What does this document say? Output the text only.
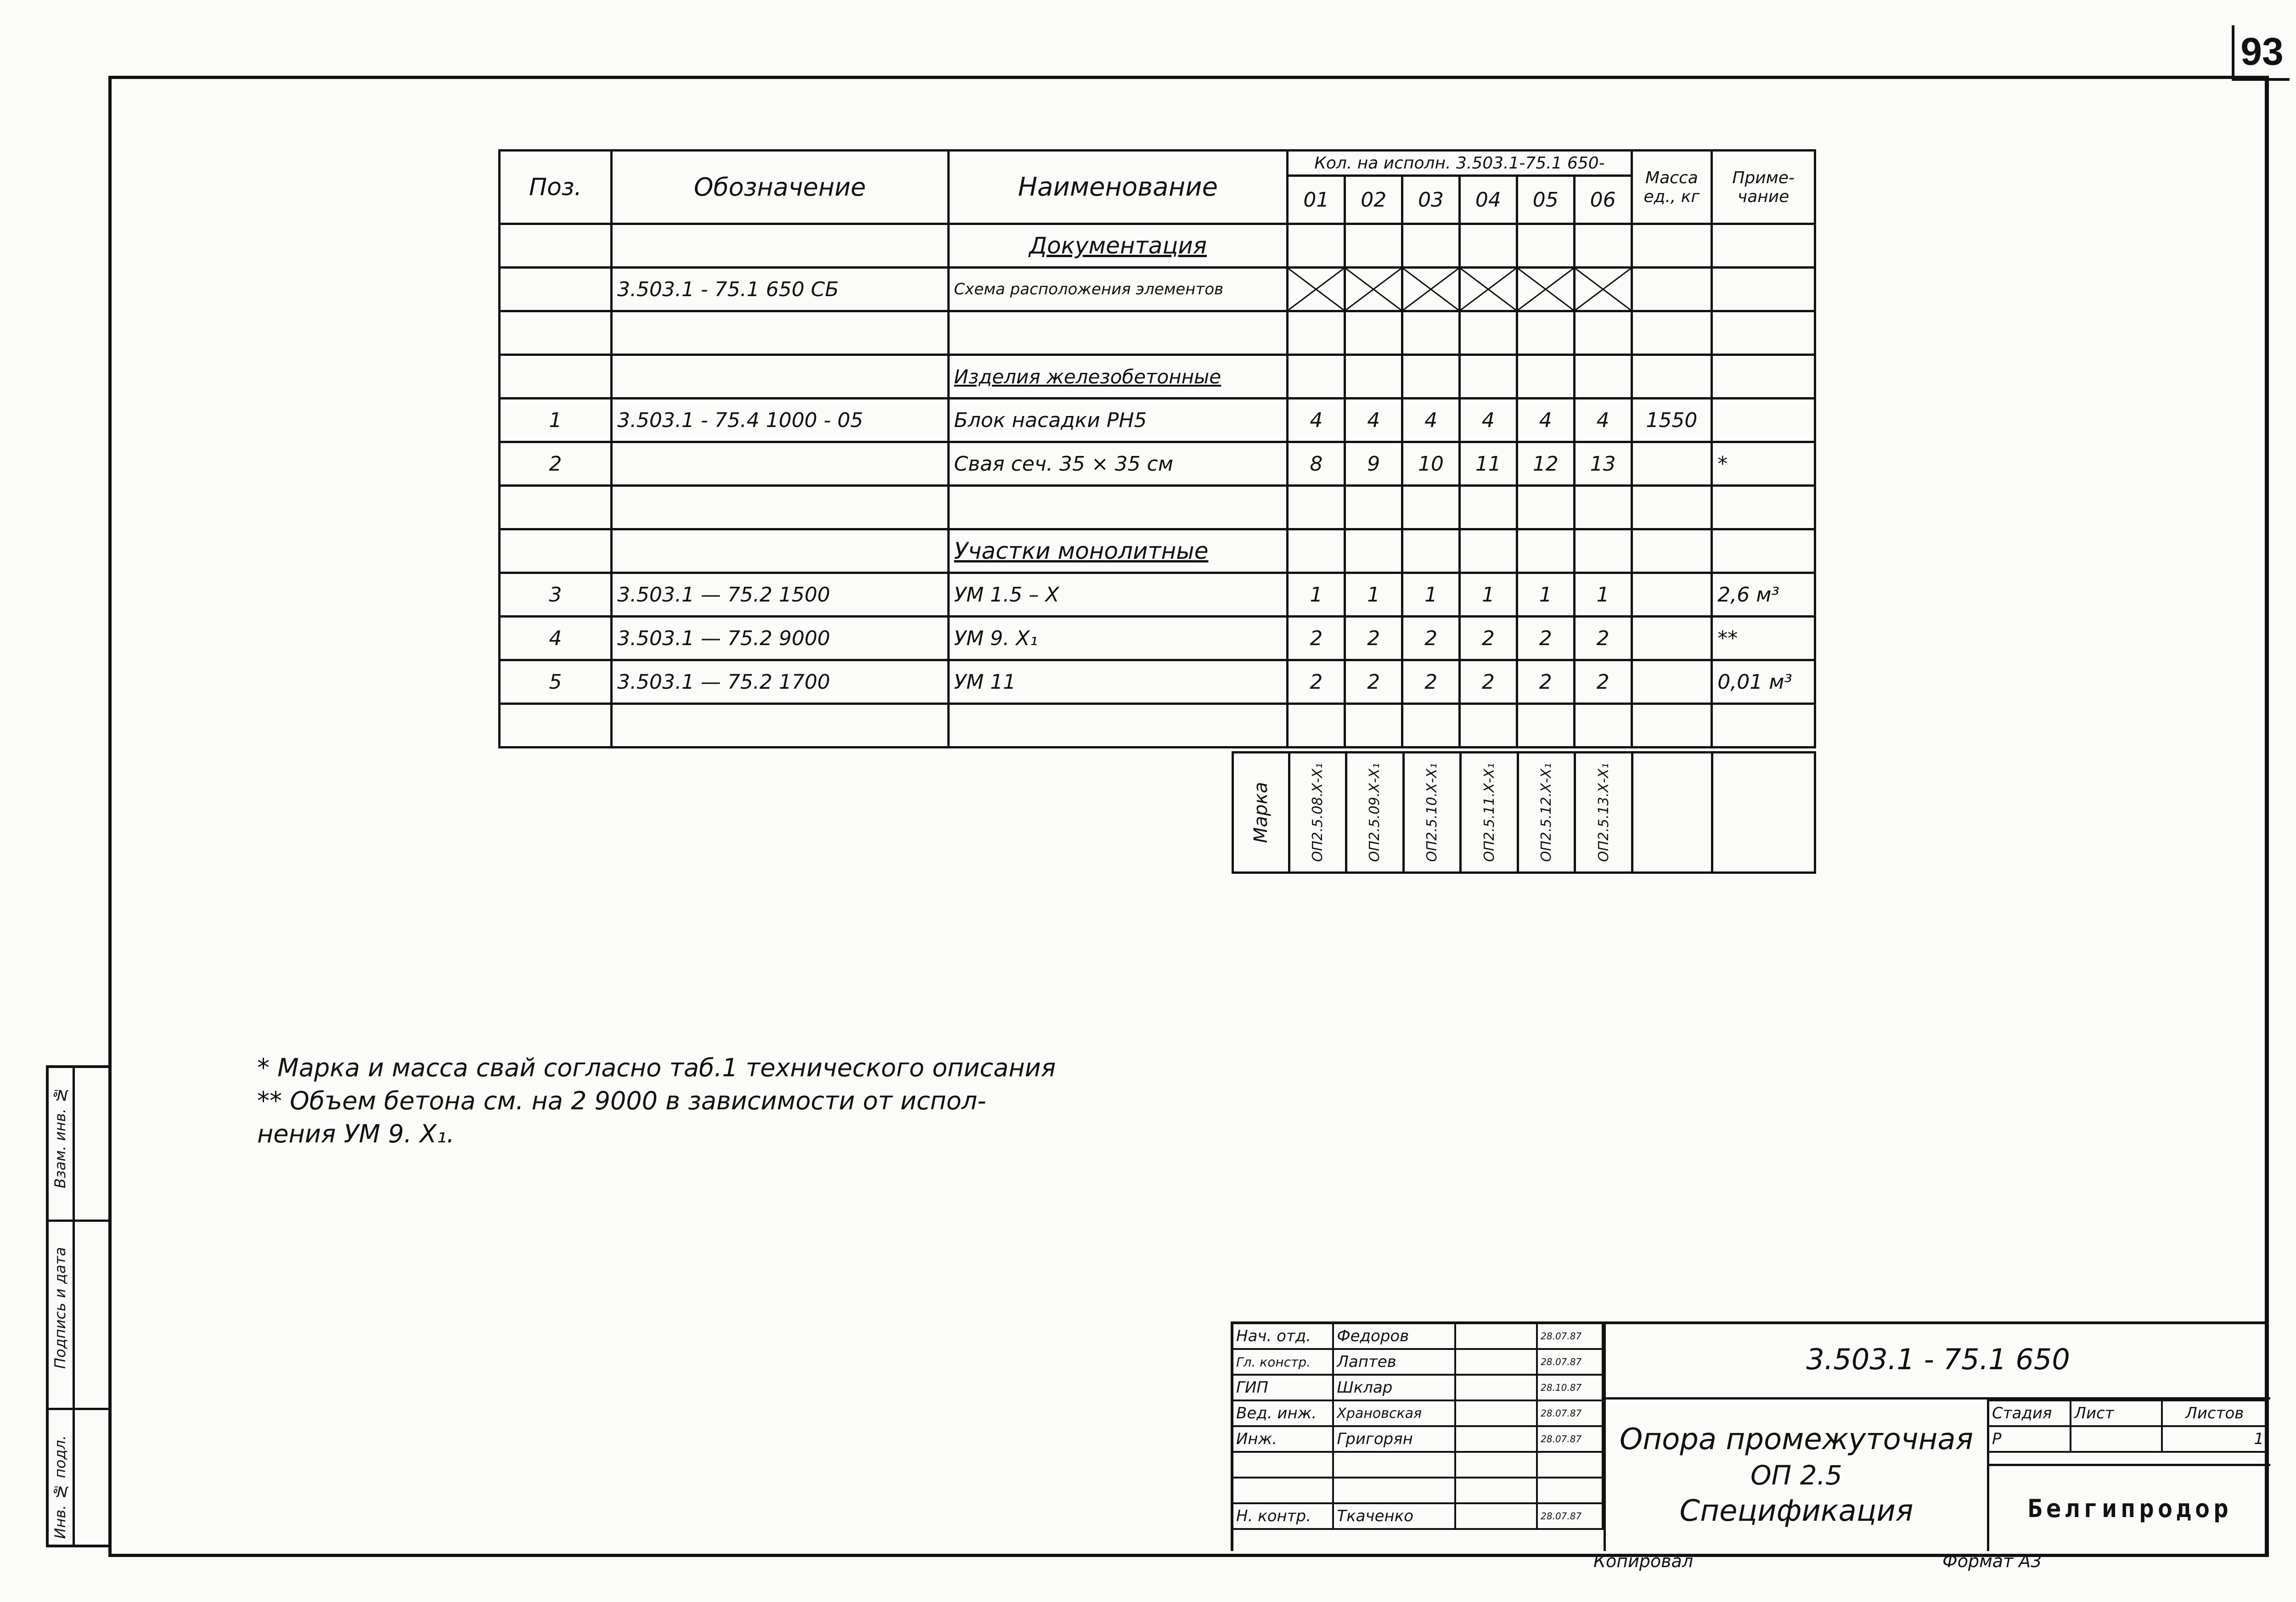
93
Взам. инв. №
Подпись и дата
Инв. № подл.
Поз.	Обозначение	Наименование	Кол. на исполн. 3.503.1-75.1 650-						Масса ед., кг	Приме-чание
			01	02	03	04	05	06		
		Документация								
	3.503.1 - 75.1 650 СБ	Схема расположения элементов	

		Изделия железобетонные								
1	3.503.1 - 75.4 1000 - 05	Блок насадки РН5	4	4	4	4	4	4	1550	
2		Свая сеч. 35 × 35 см	8	9	10	11	12	13		*

		Участки монолитные								
3	3.503.1 — 75.2 1500	УМ 1.5 – Х	1	1	1	1	1	1		2,6 м³
4	3.503.1 — 75.2 9000	УМ 9. Х₁	2	2	2	2	2	2		**
5	3.503.1 — 75.2 1700	УМ 11	2	2	2	2	2	2		0,01 м³

Марка	ОП2.5.08.Х-Х₁	ОП2.5.09.Х-Х₁	ОП2.5.10.Х-Х₁	ОП2.5.11.Х-Х₁	ОП2.5.12.Х-Х₁	ОП2.5.13.Х-Х₁

* Марка и масса свай согласно таб.1 технического описания
** Объем бетона см. на 2 9000 в зависимости от испол-
нения УМ 9. Х₁.
Нач. отд.	Федоров		28.07.87
Гл. констр.	Лаптев		28.07.87
ГИП	Шклар		28.10.87
Вед. инж.	Храновская		28.07.87
Инж.	Григорян		28.07.87

Н. контр.	Ткаченко		28.07.87
3.503.1 - 75.1 650
Опора промежуточная
ОП 2.5
Спецификация
Стадия	Лист	Листов
Р		1
Белгипродор
Копировал	Формат А3
